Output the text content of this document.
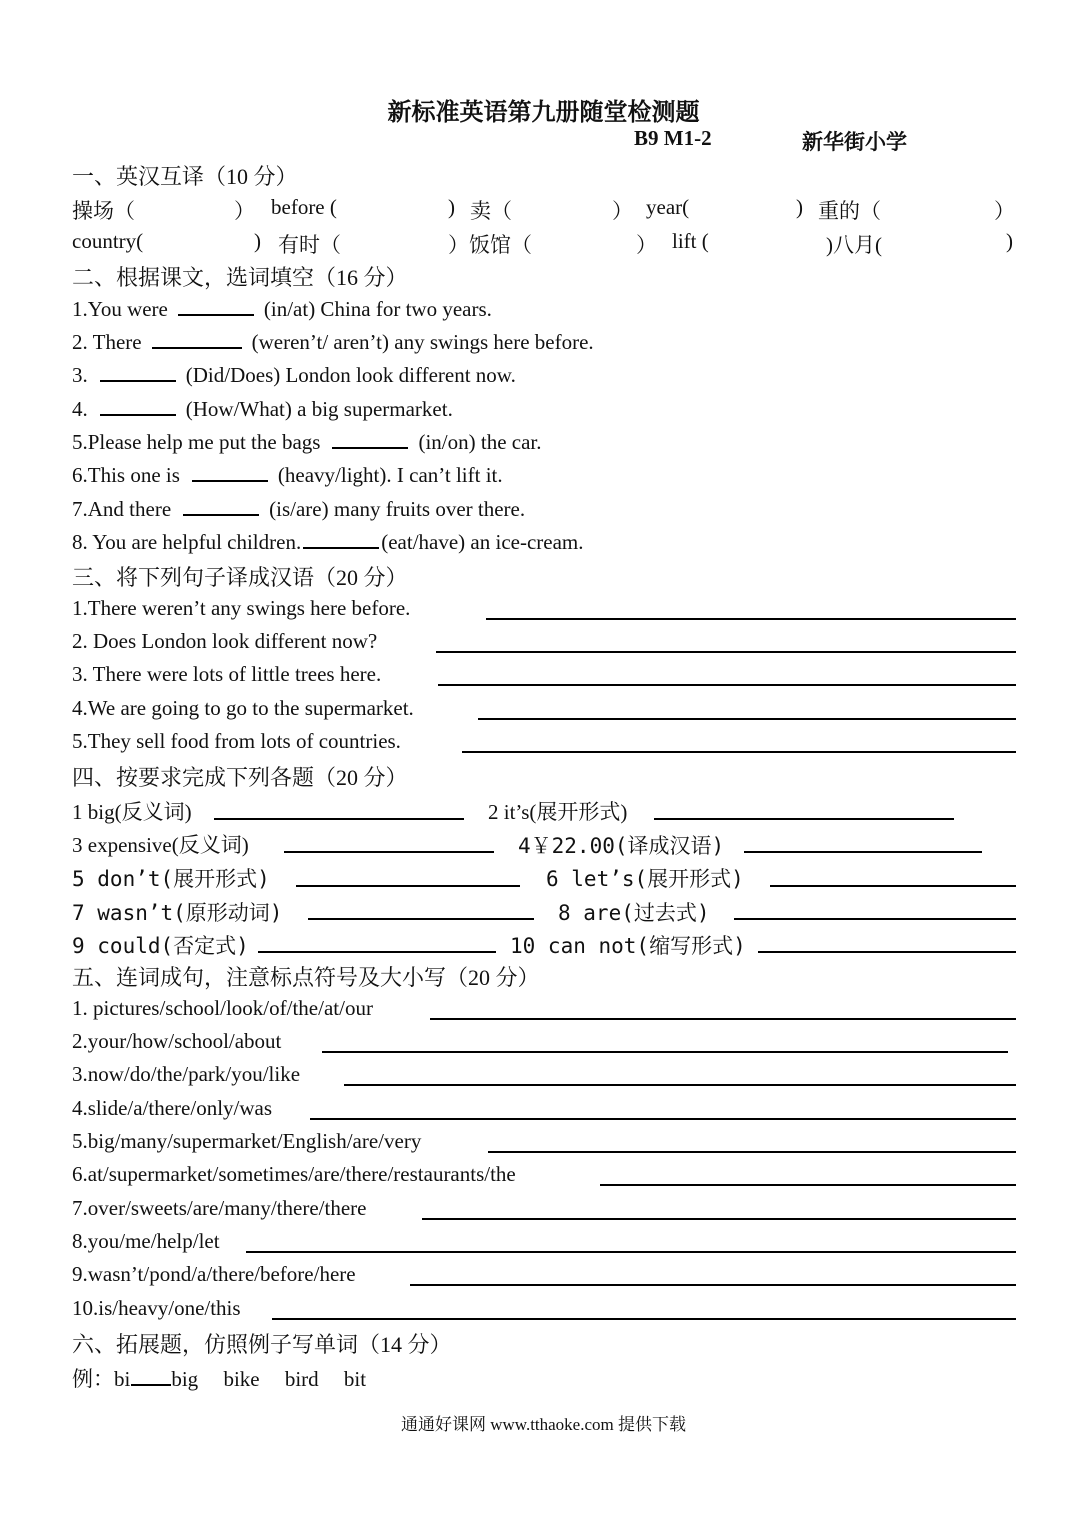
新标准英语第九册随堂检测题
B9 M1-2	新华街小学
一、英汉互译（10 分）
操场（	） before (	) 卖（	） year(	) 重的（	）
country(	) 有时（	）饭馆（	） lift (	)八月(	)
二、根据课文，选词填空（16 分）
1.You were	(in/at) China for two years.
2. There	(weren’t/ aren’t) any swings here before.
3.	(Did/Does) London look different now.
4.	(How/What) a big supermarket.
5.Please help me put the bags	(in/on) the car.
6.This one is	(heavy/light). I can’t lift it.
7.And there	(is/are) many fruits over there.
8. You are helpful children.	(eat/have) an ice-cream.
三、将下列句子译成汉语（20 分）
1.There weren’t any swings here before.
2. Does London look different now?
3. There were lots of little trees here.
4.We are going to go to the supermarket.
5.They sell food from lots of countries.
四、按要求完成下列各题（20 分）
1 big(反义词)	2 it’s(展开形式)
3 expensive(反义词)	4￥22.00(译成汉语)
5 don’t(展开形式)	6 let’s(展开形式)
7 wasn’t(原形动词)	8 are(过去式)
9 could(否定式)	10 can not(缩写形式)
五、连词成句，注意标点符号及大小写（20 分）
1. pictures/school/look/of/the/at/our
2.your/how/school/about
3.now/do/the/park/you/like
4.slide/a/there/only/was
5.big/many/supermarket/English/are/very
6.at/supermarket/sometimes/are/there/restaurants/the
7.over/sweets/are/many/there/there
8.you/me/help/let
9.wasn’t/pond/a/there/before/here
10.is/heavy/one/this
六、拓展题，仿照例子写单词（14 分）
例：bi big bike bird bit
通通好课网 www.tthaoke.com 提供下载
